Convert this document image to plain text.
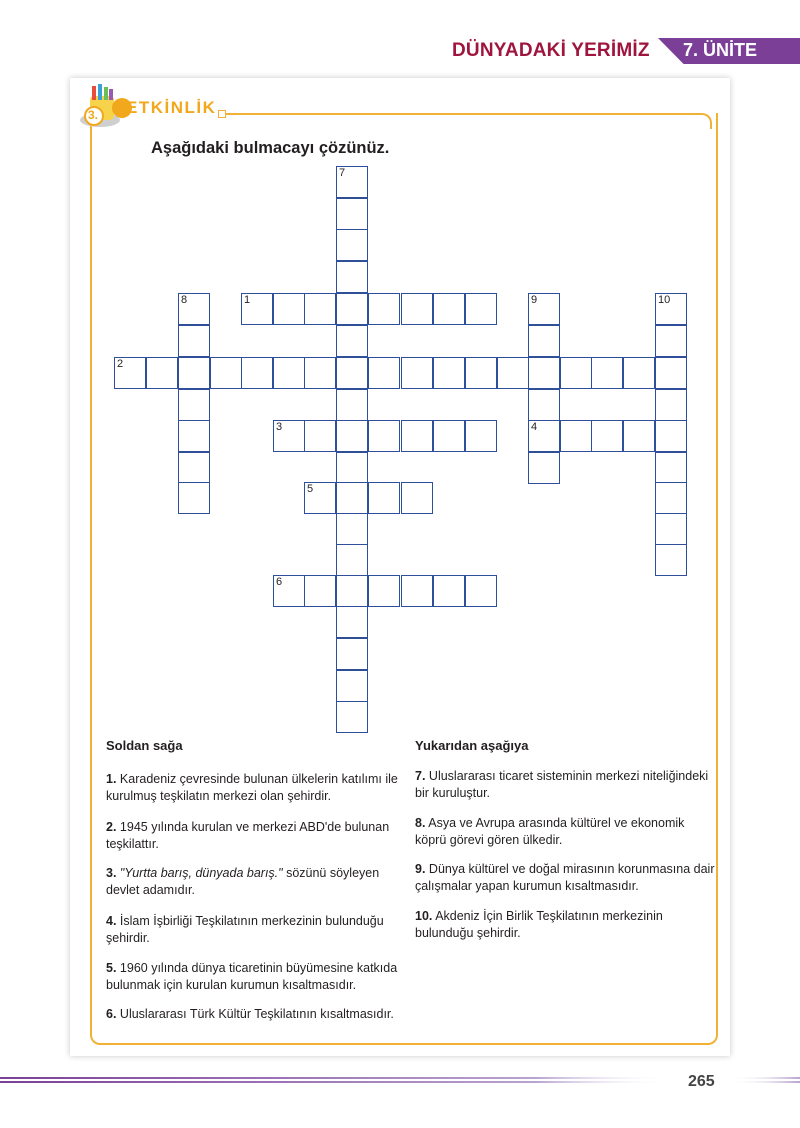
DÜNYADAKİ YERİMİZ 7. ÜNİTE
3. ETKİNLİK
Aşağıdaki bulmacayı çözünüz.
7
8	1	9	10
2
3	4
5
6
Soldan sağa	Yukarıdan aşağıya
1. Karadeniz çevresinde bulunan ülkelerin katılımı ile kurulmuş teşkilatın merkezi olan şehirdir.
2. 1945 yılında kurulan ve merkezi ABD'de bulunan teşkilattır.
3. "Yurtta barış, dünyada barış." sözünü söyleyen devlet adamıdır.
4. İslam İşbirliği Teşkilatının merkezinin bulunduğu şehirdir.
5. 1960 yılında dünya ticaretinin büyümesine katkıda bulunmak için kurulan kurumun kısaltmasıdır.
6. Uluslararası Türk Kültür Teşkilatının kısaltmasıdır.
7. Uluslararası ticaret sisteminin merkezi niteliğindeki bir kuruluştur.
8. Asya ve Avrupa arasında kültürel ve ekonomik köprü görevi gören ülkedir.
9. Dünya kültürel ve doğal mirasının korunmasına dair çalışmalar yapan kurumun kısaltmasıdır.
10. Akdeniz İçin Birlik Teşkilatının merkezinin bulunduğu şehirdir.
265
